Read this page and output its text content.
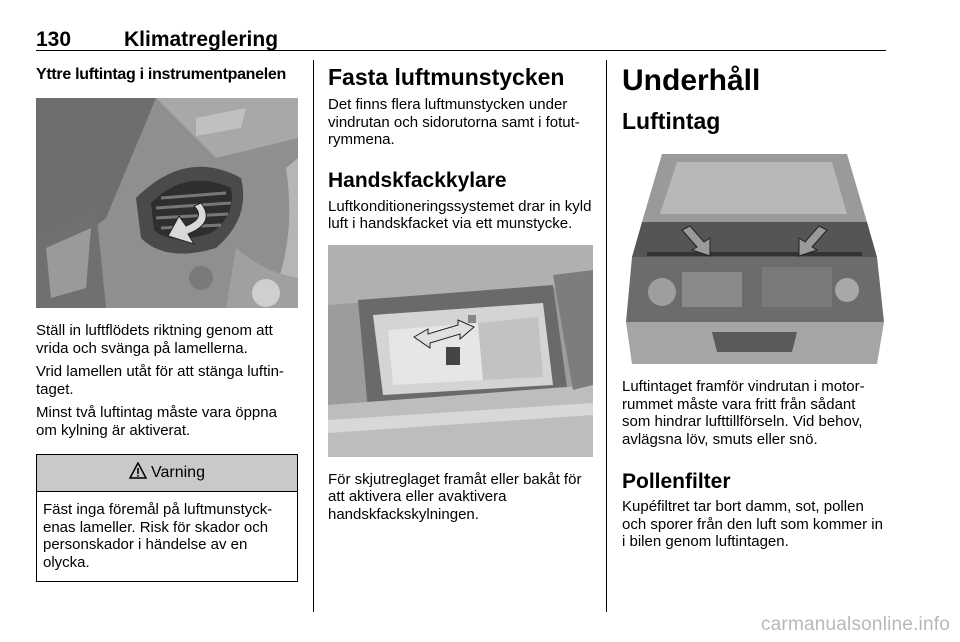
130	Klimatreglering
Yttre luftintag i instrumentpanelen

Ställ in luftflödets riktning genom att vrida och svänga på lamellerna.

Vrid lamellen utåt för att stänga luftin-taget.

Minst två luftintag måste vara öppna om kylning är aktiverat.

Varning
Fäst inga föremål på luftmunstyck-enas lameller. Risk för skador och personskador i händelse av en olycka.
Fasta luftmunstycken

Det finns flera luftmunstycken under vindrutan och sidorutorna samt i fotut-rymmena.

Handskfackkylare

Luftkonditioneringssystemet drar in kyld luft i handskfacket via ett munstycke.

För skjutreglaget framåt eller bakåt för att aktivera eller avaktivera handskfackskylningen.

Underhåll
Luftintag

Luftintaget framför vindrutan i motor-rummet måste vara fritt från sådant som hindrar lufttillförseln. Vid behov, avlägsna löv, smuts eller snö.

Pollenfilter

Kupéfiltret tar bort damm, sot, pollen och sporer från den luft som kommer in i bilen genom luftintagen.

carmanualsonline.info
